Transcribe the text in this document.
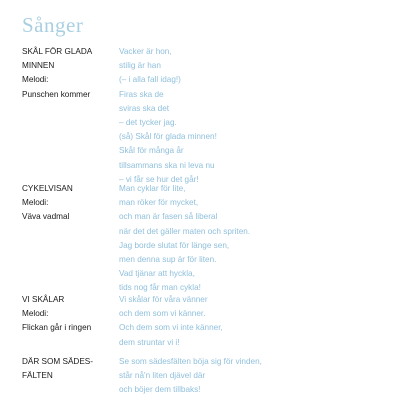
Sånger
SKÅL FÖR GLADA
MINNEN
Melodi:
Punschen kommer
Vacker är hon,
stilig är han
(– i alla fall idag!)
Firas ska de
sviras ska det
– det tycker jag.
(så) Skål för glada minnen!
Skål för många år
tillsammans ska ni leva nu
– vi får se hur det går!
CYKELVISAN
Melodi:
Väva vadmal
Man cyklar för lite,
man röker för mycket,
och man är fasen så liberal
när det det gäller maten och spriten.
Jag borde slutat för länge sen,
men denna sup är för liten.
Vad tjänar att hyckla,
tids nog får man cykla!
VI SKÅLAR
Melodi:
Flickan går i ringen
Vi skålar för våra vänner
och dem som vi känner.
Och dem som vi inte känner,
dem struntar vi i!
DÄR SOM SÄDES-
FÄLTEN
Se som sädesfälten böja sig för vinden,
står nå'n liten djävel där
och böjer dem tillbaks!
